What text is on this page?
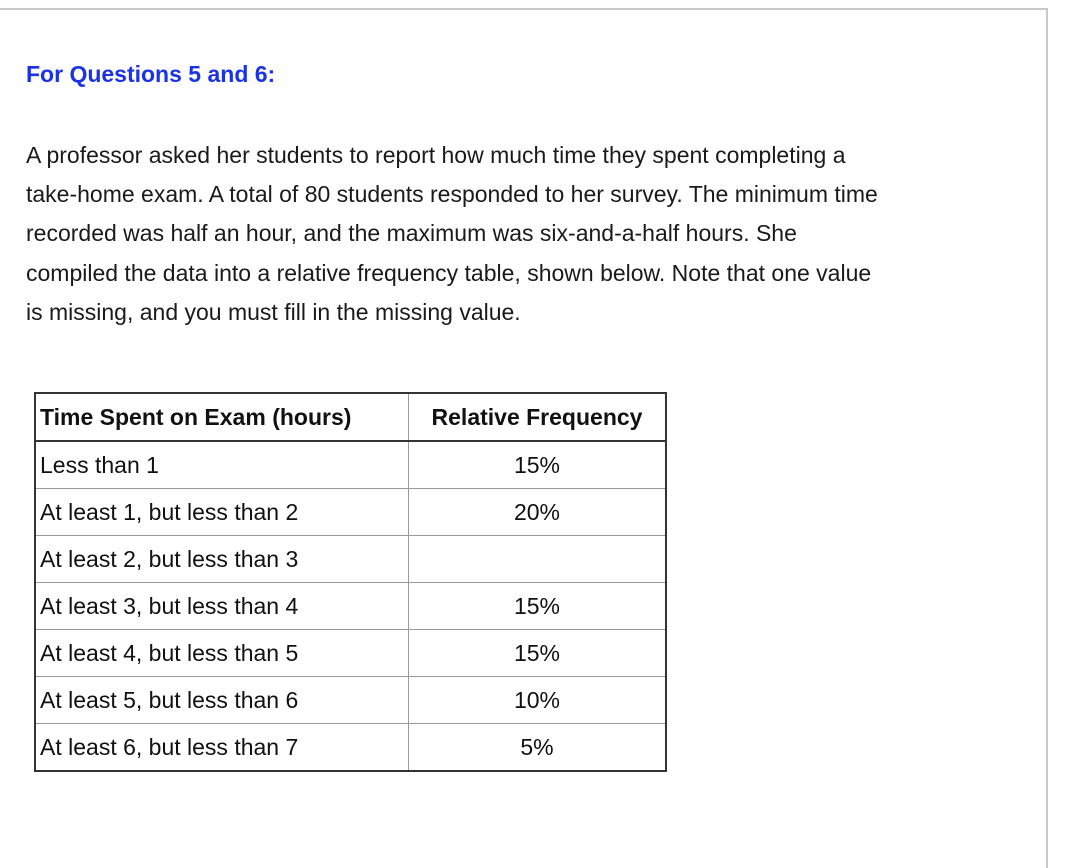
For Questions 5 and 6:
A professor asked her students to report how much time they spent completing a
take-home exam. A total of 80 students responded to her survey. The minimum time
recorded was half an hour, and the maximum was six-and-a-half hours. She
compiled the data into a relative frequency table, shown below. Note that one value
is missing, and you must fill in the missing value.
Time Spent on Exam (hours)	Relative Frequency
Less than 1	15%
At least 1, but less than 2	20%
At least 2, but less than 3	
At least 3, but less than 4	15%
At least 4, but less than 5	15%
At least 5, but less than 6	10%
At least 6, but less than 7	5%
